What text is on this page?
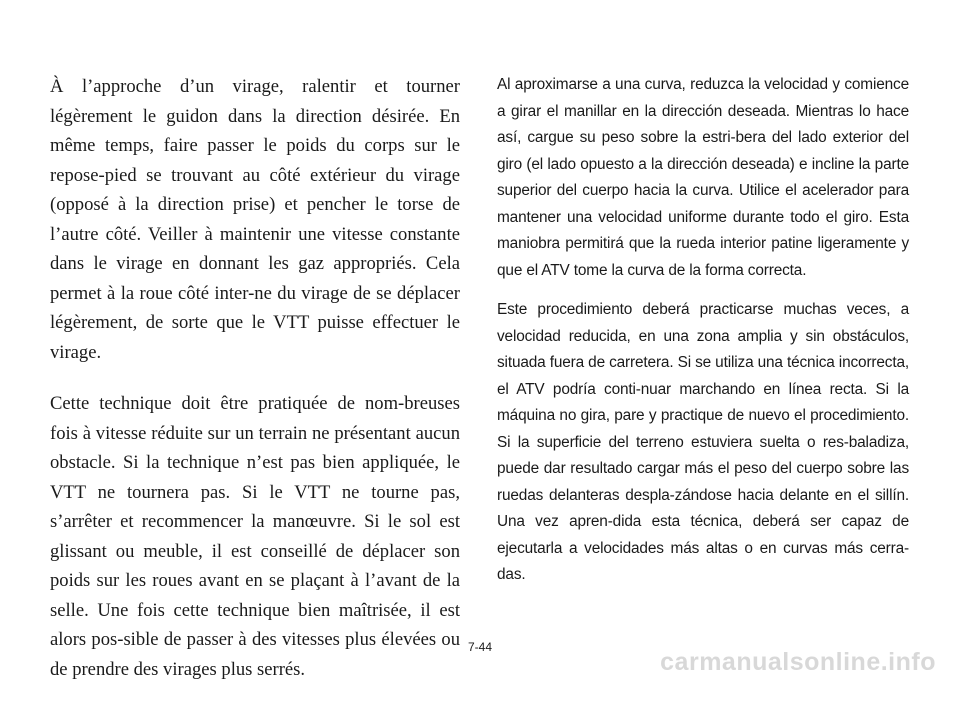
À l’approche d’un virage, ralentir et tourner légèrement le guidon dans la direction désirée. En même temps, faire passer le poids du corps sur le repose-pied se trouvant au côté extérieur du virage (opposé à la direction prise) et pencher le torse de l’autre côté. Veiller à maintenir une vitesse constante dans le virage en donnant les gaz appropriés. Cela permet à la roue côté inter-ne du virage de se déplacer légèrement, de sorte que le VTT puisse effectuer le virage.

Cette technique doit être pratiquée de nom-breuses fois à vitesse réduite sur un terrain ne présentant aucun obstacle. Si la technique n’est pas bien appliquée, le VTT ne tournera pas. Si le VTT ne tourne pas, s’arrêter et recommencer la manœuvre. Si le sol est glissant ou meuble, il est conseillé de déplacer son poids sur les roues avant en se plaçant à l’avant de la selle. Une fois cette technique bien maîtrisée, il est alors pos-sible de passer à des vitesses plus élevées ou de prendre des virages plus serrés.

Al aproximarse a una curva, reduzca la velocidad y comience a girar el manillar en la dirección deseada. Mientras lo hace así, cargue su peso sobre la estri-bera del lado exterior del giro (el lado opuesto a la dirección deseada) e incline la parte superior del cuerpo hacia la curva. Utilice el acelerador para mantener una velocidad uniforme durante todo el giro. Esta maniobra permitirá que la rueda interior patine ligeramente y que el ATV tome la curva de la forma correcta.

Este procedimiento deberá practicarse muchas veces, a velocidad reducida, en una zona amplia y sin obstáculos, situada fuera de carretera. Si se utiliza una técnica incorrecta, el ATV podría conti-nuar marchando en línea recta. Si la máquina no gira, pare y practique de nuevo el procedimiento. Si la superficie del terreno estuviera suelta o res-baladiza, puede dar resultado cargar más el peso del cuerpo sobre las ruedas delanteras despla-zándose hacia delante en el sillín. Una vez apren-dida esta técnica, deberá ser capaz de ejecutarla a velocidades más altas o en curvas más cerra-das.

7-44
carmanualsonline.info
